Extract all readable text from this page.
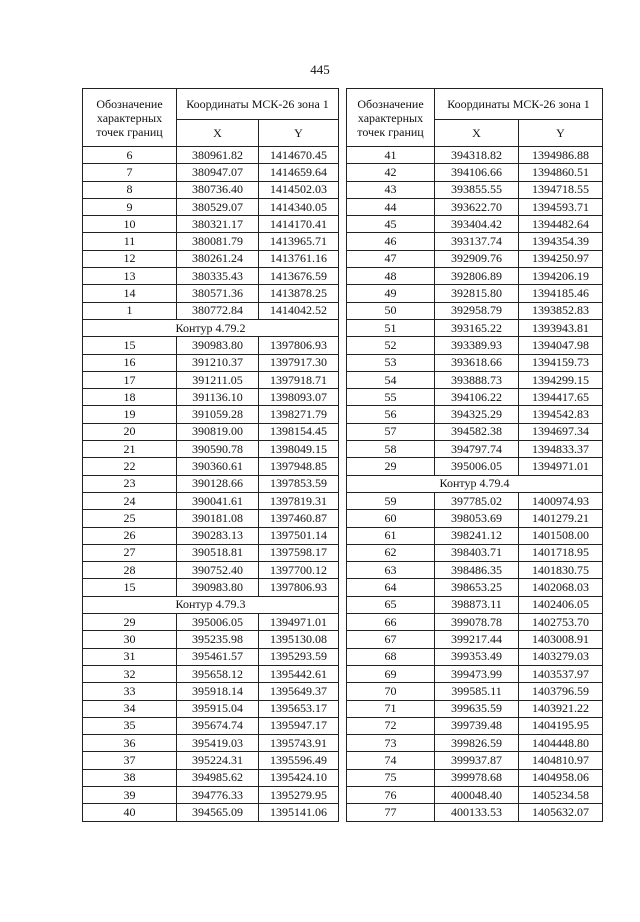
445
Обозначение характерных точек границ	Координаты МСК-26 зона 1	
	X	Y
6	380961.82	1414670.45
7	380947.07	1414659.64
8	380736.40	1414502.03
9	380529.07	1414340.05
10	380321.17	1414170.41
11	380081.79	1413965.71
12	380261.24	1413761.16
13	380335.43	1413676.59
14	380571.36	1413878.25
1	380772.84	1414042.52
Контур 4.79.2		
15	390983.80	1397806.93
16	391210.37	1397917.30
17	391211.05	1397918.71
18	391136.10	1398093.07
19	391059.28	1398271.79
20	390819.00	1398154.45
21	390590.78	1398049.15
22	390360.61	1397948.85
23	390128.66	1397853.59
24	390041.61	1397819.31
25	390181.08	1397460.87
26	390283.13	1397501.14
27	390518.81	1397598.17
28	390752.40	1397700.12
15	390983.80	1397806.93
Контур 4.79.3		
29	395006.05	1394971.01
30	395235.98	1395130.08
31	395461.57	1395293.59
32	395658.12	1395442.61
33	395918.14	1395649.37
34	395915.04	1395653.17
35	395674.74	1395947.17
36	395419.03	1395743.91
37	395224.31	1395596.49
38	394985.62	1395424.10
39	394776.33	1395279.95
40	394565.09	1395141.06
Обозначение характерных точек границ	Координаты МСК-26 зона 1	
	X	Y
41	394318.82	1394986.88
42	394106.66	1394860.51
43	393855.55	1394718.55
44	393622.70	1394593.71
45	393404.42	1394482.64
46	393137.74	1394354.39
47	392909.76	1394250.97
48	392806.89	1394206.19
49	392815.80	1394185.46
50	392958.79	1393852.83
51	393165.22	1393943.81
52	393389.93	1394047.98
53	393618.66	1394159.73
54	393888.73	1394299.15
55	394106.22	1394417.65
56	394325.29	1394542.83
57	394582.38	1394697.34
58	394797.74	1394833.37
29	395006.05	1394971.01
Контур 4.79.4		
59	397785.02	1400974.93
60	398053.69	1401279.21
61	398241.12	1401508.00
62	398403.71	1401718.95
63	398486.35	1401830.75
64	398653.25	1402068.03
65	398873.11	1402406.05
66	399078.78	1402753.70
67	399217.44	1403008.91
68	399353.49	1403279.03
69	399473.99	1403537.97
70	399585.11	1403796.59
71	399635.59	1403921.22
72	399739.48	1404195.95
73	399826.59	1404448.80
74	399937.87	1404810.97
75	399978.68	1404958.06
76	400048.40	1405234.58
77	400133.53	1405632.07
